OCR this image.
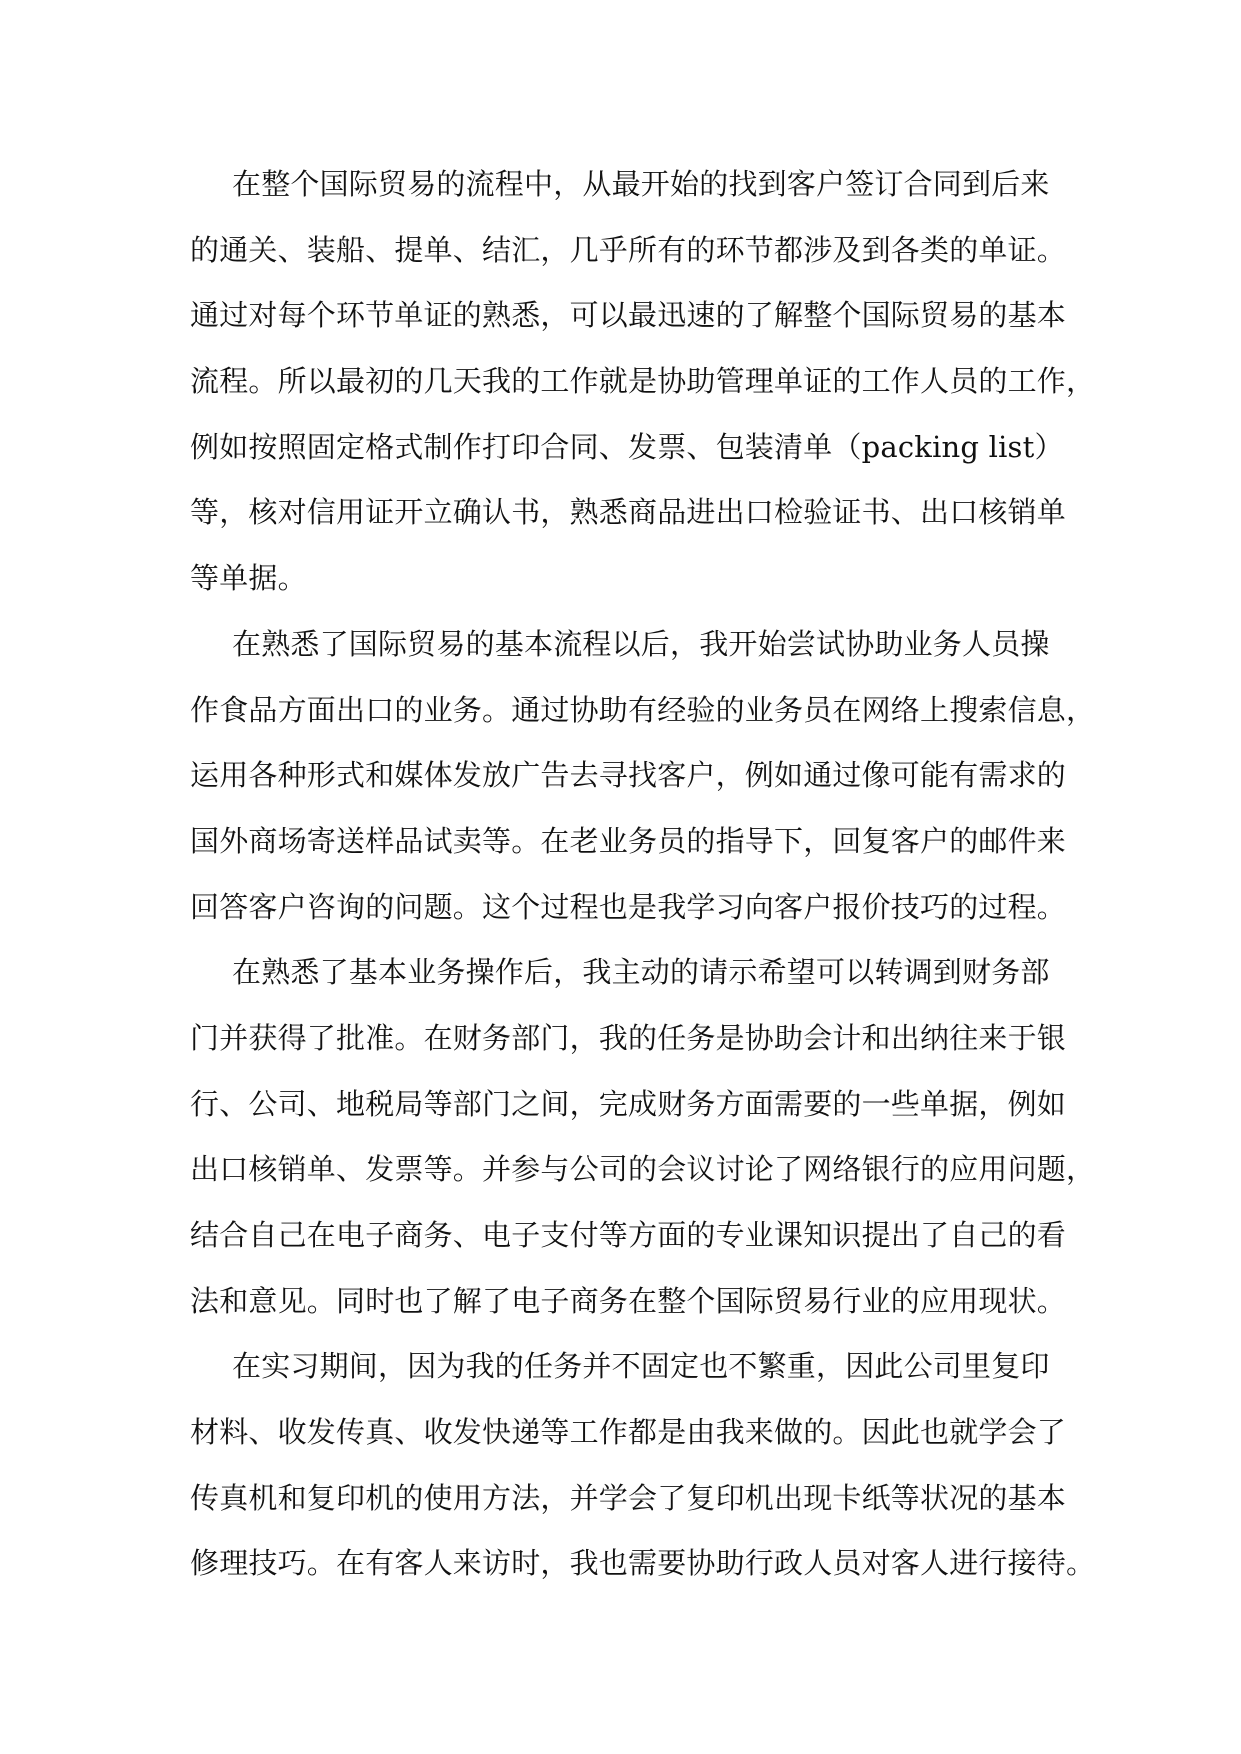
在整个国际贸易的流程中，从最开始的找到客户签订合同到后来
的通关、装船、提单、结汇，几乎所有的环节都涉及到各类的单证。
通过对每个环节单证的熟悉，可以最迅速的了解整个国际贸易的基本
流程。所以最初的几天我的工作就是协助管理单证的工作人员的工作，
例如按照固定格式制作打印合同、发票、包装清单（packing list）
等，核对信用证开立确认书，熟悉商品进出口检验证书、出口核销单
等单据。
在熟悉了国际贸易的基本流程以后，我开始尝试协助业务人员操
作食品方面出口的业务。通过协助有经验的业务员在网络上搜索信息，
运用各种形式和媒体发放广告去寻找客户，例如通过像可能有需求的
国外商场寄送样品试卖等。在老业务员的指导下，回复客户的邮件来
回答客户咨询的问题。这个过程也是我学习向客户报价技巧的过程。
在熟悉了基本业务操作后，我主动的请示希望可以转调到财务部
门并获得了批准。在财务部门，我的任务是协助会计和出纳往来于银
行、公司、地税局等部门之间，完成财务方面需要的一些单据，例如
出口核销单、发票等。并参与公司的会议讨论了网络银行的应用问题，
结合自己在电子商务、电子支付等方面的专业课知识提出了自己的看
法和意见。同时也了解了电子商务在整个国际贸易行业的应用现状。
在实习期间，因为我的任务并不固定也不繁重，因此公司里复印
材料、收发传真、收发快递等工作都是由我来做的。因此也就学会了
传真机和复印机的使用方法，并学会了复印机出现卡纸等状况的基本
修理技巧。在有客人来访时，我也需要协助行政人员对客人进行接待。
